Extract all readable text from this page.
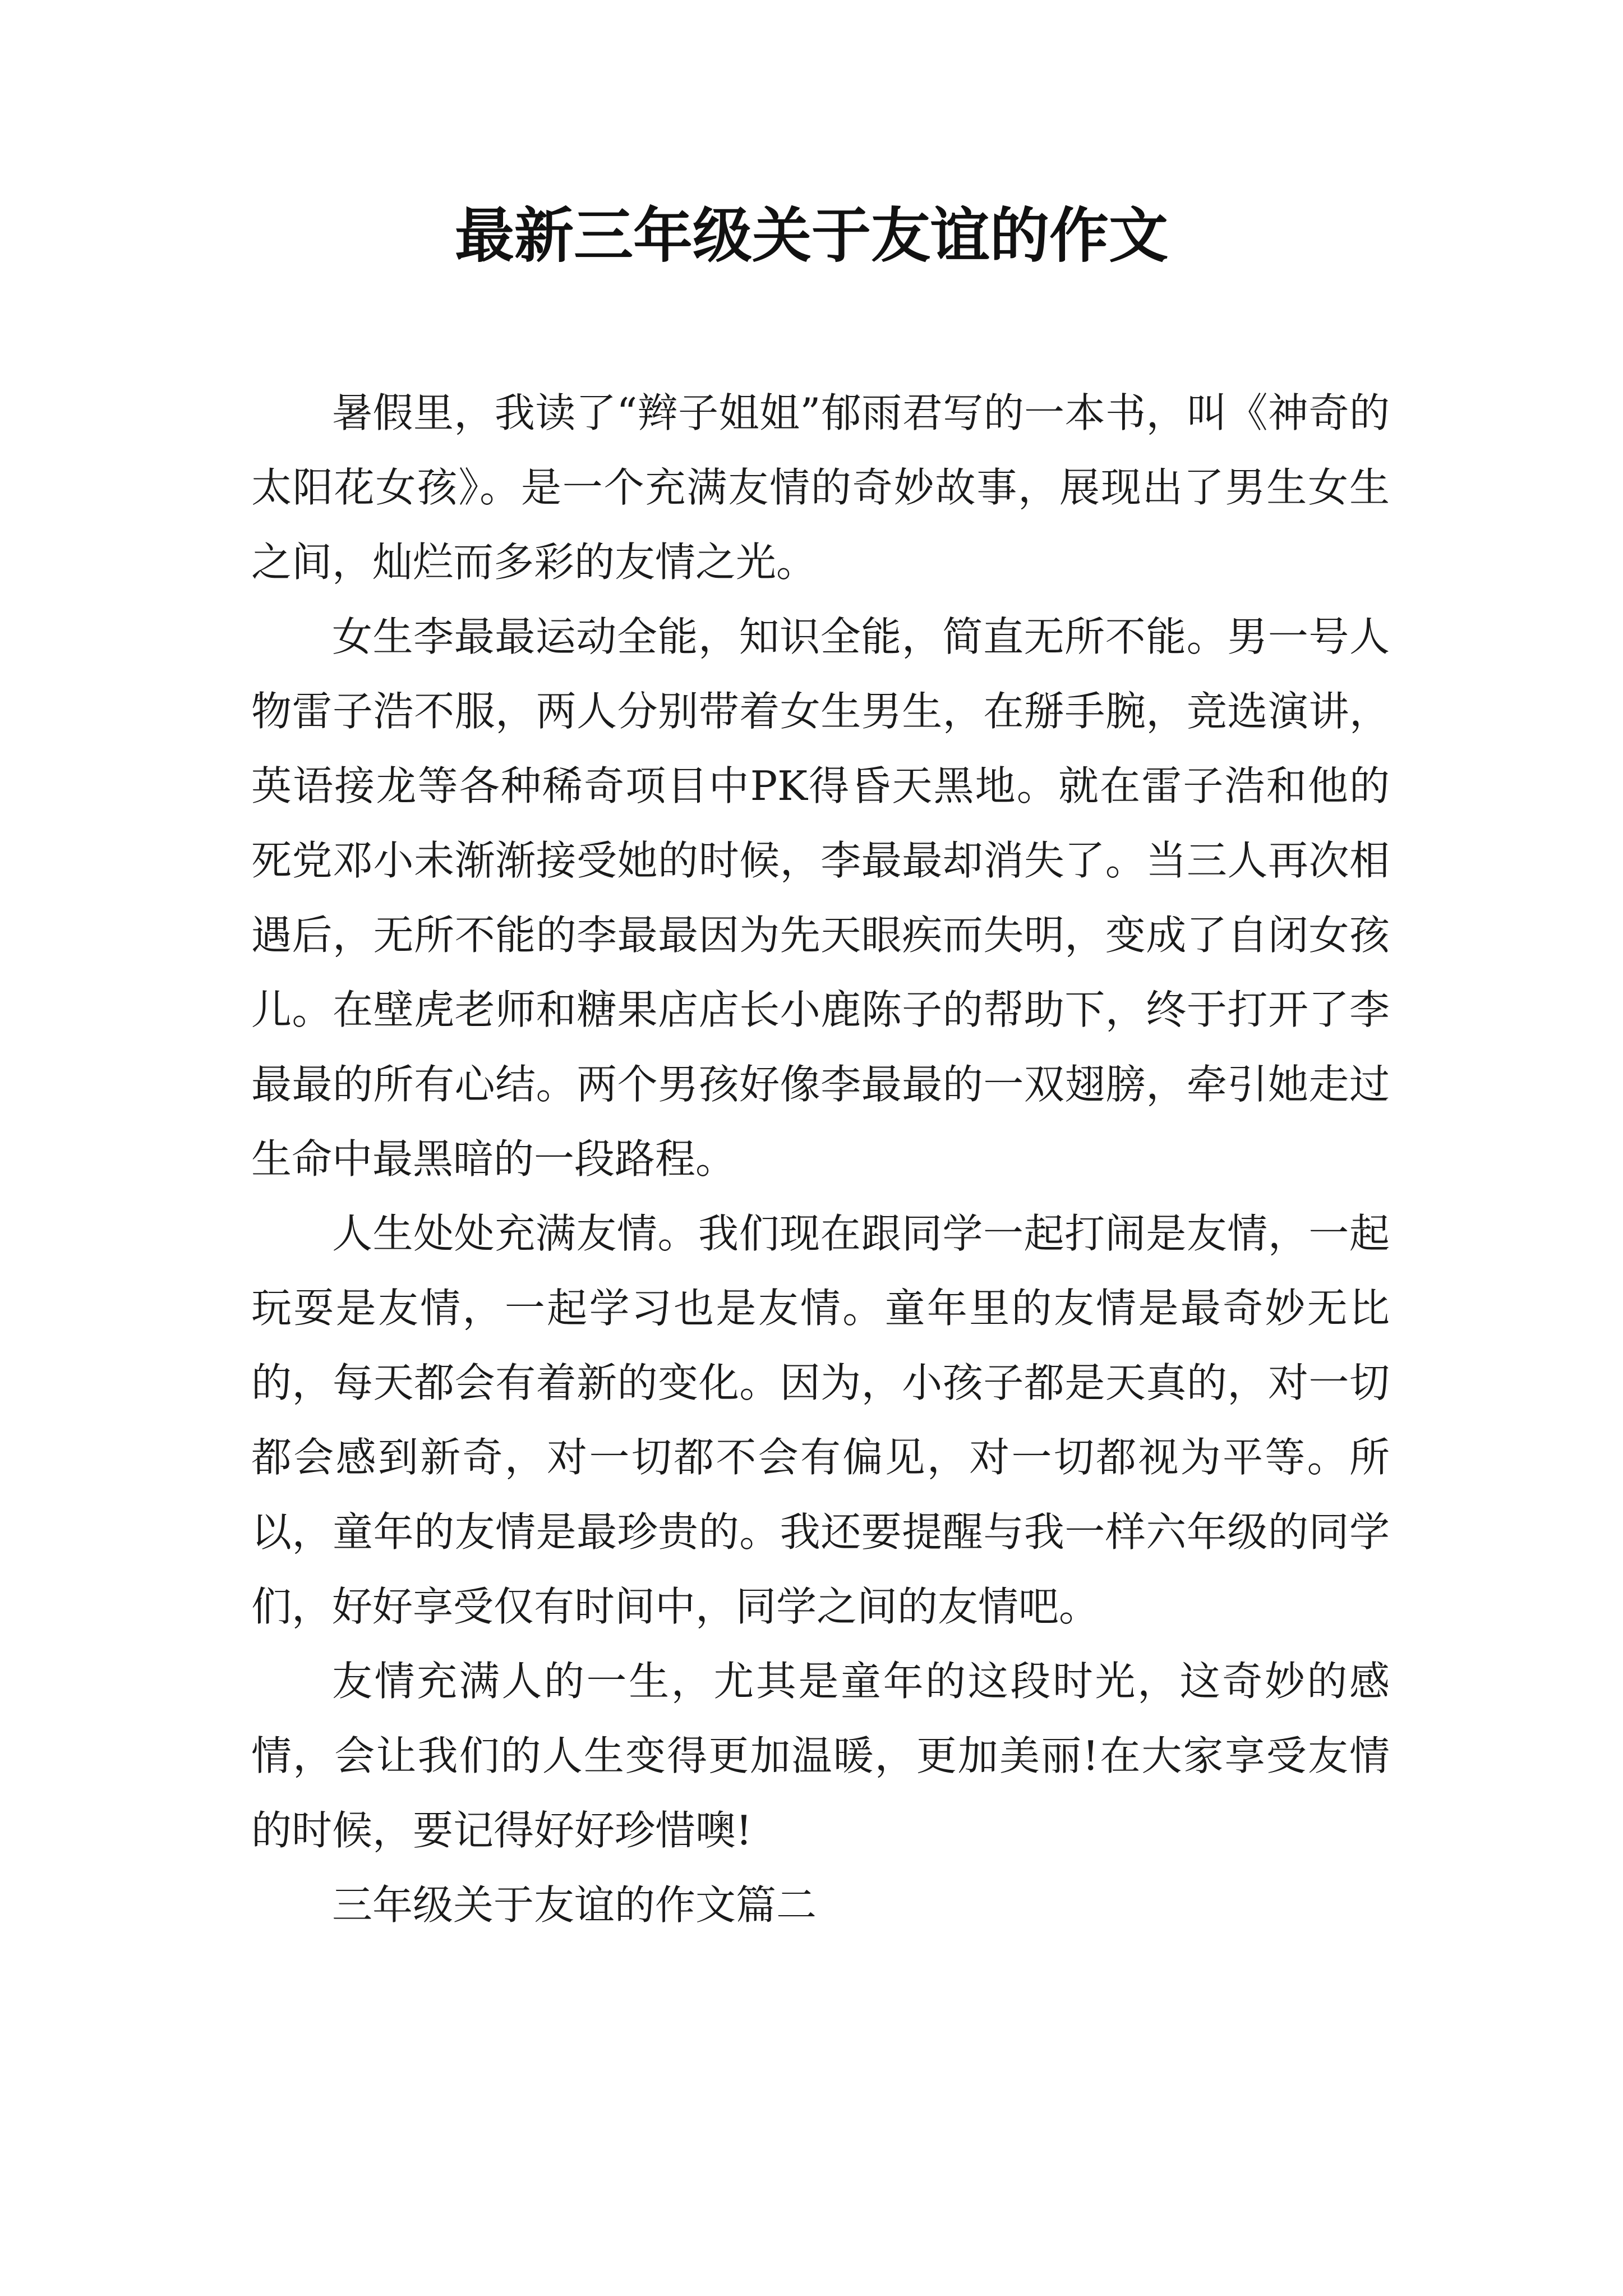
最新三年级关于友谊的作文

暑假里，我读了“辫子姐姐”郁雨君写的一本书，叫《神奇的太阳花女孩》。是一个充满友情的奇妙故事，展现出了男生女生之间，灿烂而多彩的友情之光。

女生李最最运动全能，知识全能，简直无所不能。男一号人物雷子浩不服，两人分别带着女生男生，在掰手腕，竞选演讲，英语接龙等各种稀奇项目中PK得昏天黑地。就在雷子浩和他的死党邓小未渐渐接受她的时候，李最最却消失了。当三人再次相遇后，无所不能的李最最因为先天眼疾而失明，变成了自闭女孩儿。在壁虎老师和糖果店店长小鹿陈子的帮助下，终于打开了李最最的所有心结。两个男孩好像李最最的一双翅膀，牵引她走过生命中最黑暗的一段路程。

人生处处充满友情。我们现在跟同学一起打闹是友情，一起玩耍是友情，一起学习也是友情。童年里的友情是最奇妙无比的，每天都会有着新的变化。因为，小孩子都是天真的，对一切都会感到新奇，对一切都不会有偏见，对一切都视为平等。所以，童年的友情是最珍贵的。我还要提醒与我一样六年级的同学们，好好享受仅有时间中，同学之间的友情吧。

友情充满人的一生，尤其是童年的这段时光，这奇妙的感情，会让我们的人生变得更加温暖，更加美丽!在大家享受友情的时候，要记得好好珍惜噢!

三年级关于友谊的作文篇二
